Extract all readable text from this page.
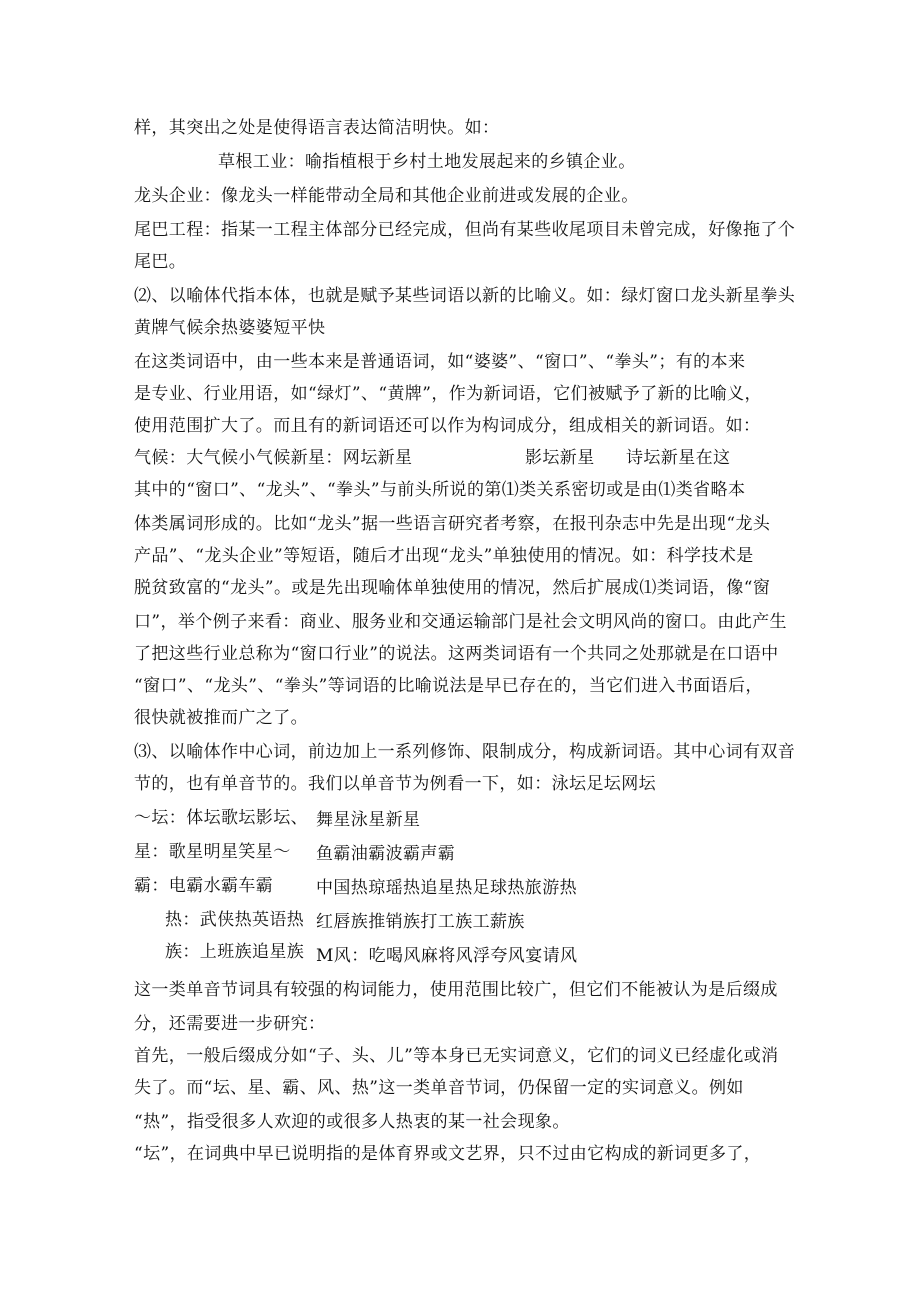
样，其突出之处是使得语言表达简洁明快。如：
草根工业：喻指植根于乡村土地发展起来的乡镇企业。
龙头企业：像龙头一样能带动全局和其他企业前进或发展的企业。
尾巴工程：指某一工程主体部分已经完成，但尚有某些收尾项目未曾完成，好像拖了个
尾巴。
⑵、以喻体代指本体，也就是赋予某些词语以新的比喻义。如：绿灯窗口龙头新星拳头
黄牌气候余热婆婆短平快
在这类词语中，由一些本来是普通语词，如“婆婆”、“窗口”、“拳头”；有的本来
是专业、行业用语，如“绿灯”、“黄牌”，作为新词语，它们被赋予了新的比喻义，
使用范围扩大了。而且有的新词语还可以作为构词成分，组成相关的新词语。如：
气候：大气候小气候新星：网坛新星	影坛新星 诗坛新星在这
其中的“窗口”、“龙头”、“拳头”与前头所说的第⑴类关系密切或是由⑴类省略本
体类属词形成的。比如“龙头”据一些语言研究者考察，在报刊杂志中先是出现“龙头
产品”、“龙头企业”等短语，随后才出现“龙头”单独使用的情况。如：科学技术是
脱贫致富的“龙头”。或是先出现喻体单独使用的情况，然后扩展成⑴类词语，像“窗
口”，举个例子来看：商业、服务业和交通运输部门是社会文明风尚的窗口。由此产生
了把这些行业总称为“窗口行业”的说法。这两类词语有一个共同之处那就是在口语中
“窗口”、“龙头”、“拳头”等词语的比喻说法是早已存在的，当它们进入书面语后，
很快就被推而广之了。
⑶、以喻体作中心词，前边加上一系列修饰、限制成分，构成新词语。其中心词有双音
节的，也有单音节的。我们以单音节为例看一下，如：泳坛足坛网坛
～坛：体坛歌坛影坛、 舞星泳星新星
星：歌星明星笑星～ 鱼霸油霸波霸声霸
霸：电霸水霸车霸	中国热琼瑶热追星热足球热旅游热
热：武侠热英语热 红唇族推销族打工族工薪族
族：上班族追星族 M风：吃喝风麻将风浮夸风宴请风
这一类单音节词具有较强的构词能力，使用范围比较广，但它们不能被认为是后缀成
分，还需要进一步研究：
首先，一般后缀成分如“子、头、儿”等本身已无实词意义，它们的词义已经虚化或消
失了。而“坛、星、霸、风、热”这一类单音节词，仍保留一定的实词意义。例如
“热”，指受很多人欢迎的或很多人热衷的某一社会现象。
“坛”，在词典中早已说明指的是体育界或文艺界，只不过由它构成的新词更多了，
